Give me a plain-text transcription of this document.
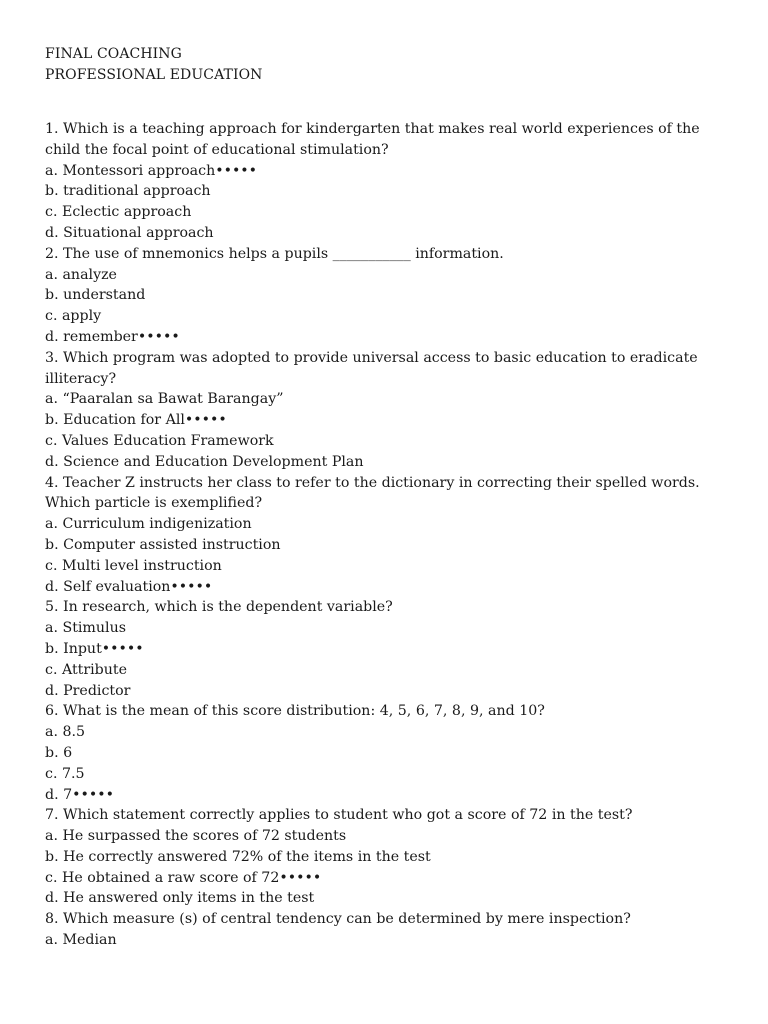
FINAL COACHING
PROFESSIONAL EDUCATION
1. Which is a teaching approach for kindergarten that makes real world experiences of the child the focal point of educational stimulation?
a. Montessori approach•••••
b. traditional approach
c. Eclectic approach
d. Situational approach
2. The use of mnemonics helps a pupils ___________ information.
a. analyze
b. understand
c. apply
d. remember•••••
3. Which program was adopted to provide universal access to basic education to eradicate illiteracy?
a. “Paaralan sa Bawat Barangay”
b. Education for All•••••
c. Values Education Framework
d. Science and Education Development Plan
4. Teacher Z instructs her class to refer to the dictionary in correcting their spelled words. Which particle is exemplified?
a. Curriculum indigenization
b. Computer assisted instruction
c. Multi level instruction
d. Self evaluation•••••
5. In research, which is the dependent variable?
a. Stimulus
b. Input•••••
c. Attribute
d. Predictor
6. What is the mean of this score distribution: 4, 5, 6, 7, 8, 9, and 10?
a. 8.5
b. 6
c. 7.5
d. 7•••••
7. Which statement correctly applies to student who got a score of 72 in the test?
a. He surpassed the scores of 72 students
b. He correctly answered 72% of the items in the test
c. He obtained a raw score of 72•••••
d. He answered only items in the test
8. Which measure (s) of central tendency can be determined by mere inspection?
a. Median
